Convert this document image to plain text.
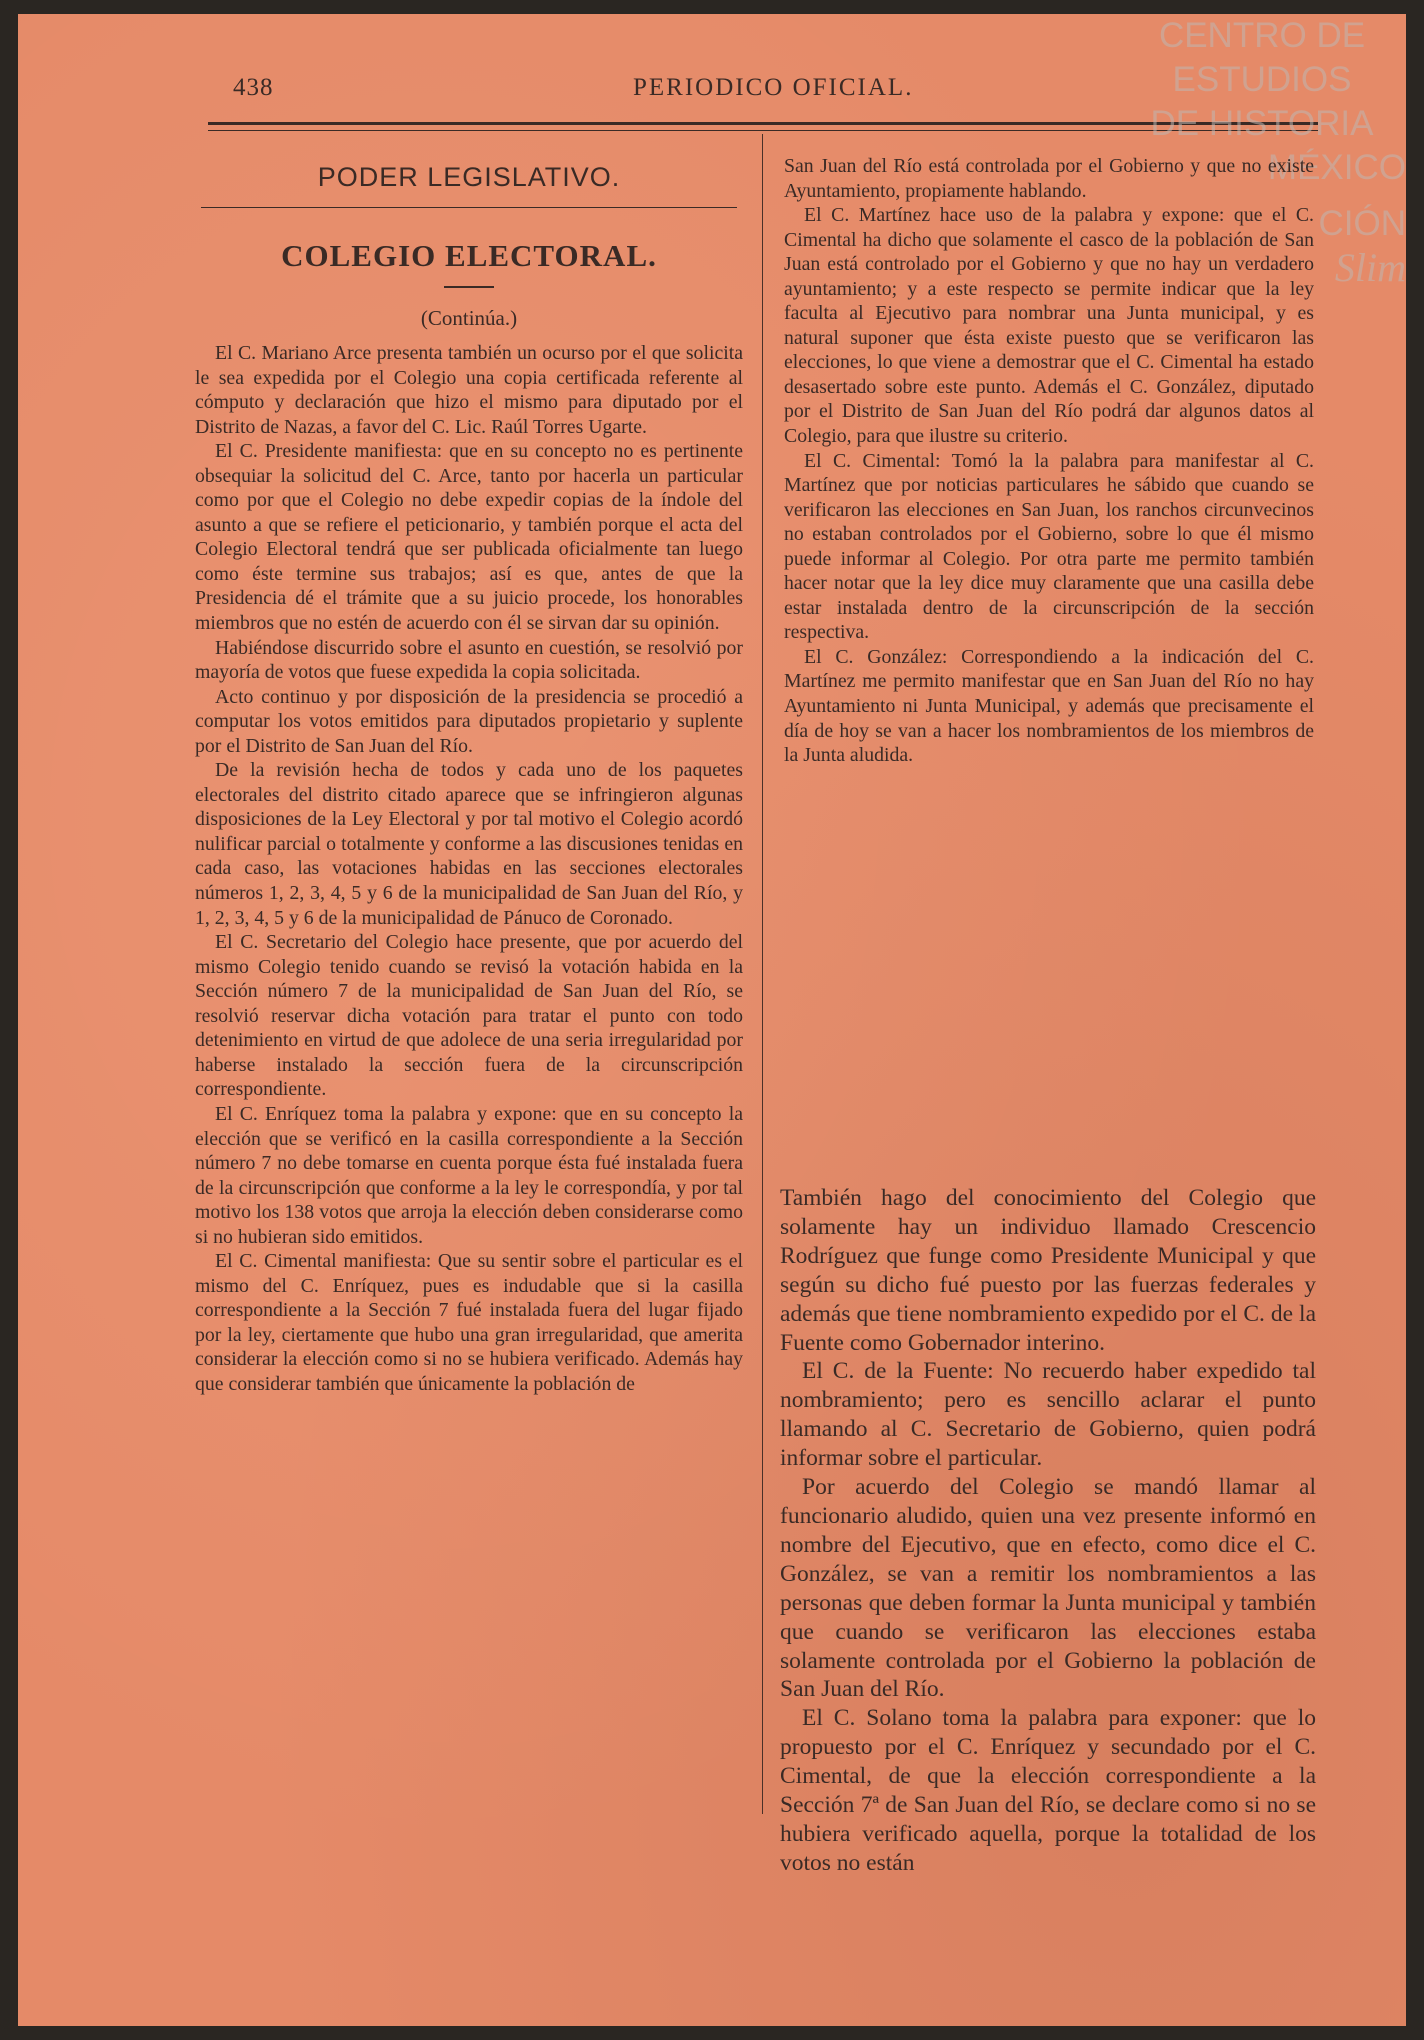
438	PERIODICO OFICIAL.
CENTRO DE
ESTUDIOS
DE HISTORIA
MÉXICO
CIÓN
Slim
PODER LEGISLATIVO.
COLEGIO ELECTORAL.
(Continúa.)

El C. Mariano Arce presenta también un ocurso por el que solicita le sea expedida por el Colegio una copia certificada referente al cómputo y declaración que hizo el mismo para diputado por el Distrito de Nazas, a favor del C. Lic. Raúl Torres Ugarte.

El C. Presidente manifiesta: que en su concepto no es pertinente obsequiar la solicitud del C. Arce, tanto por hacerla un particular como por que el Colegio no debe expedir copias de la índole del asunto a que se refiere el peticionario, y también porque el acta del Colegio Electoral tendrá que ser publicada oficialmente tan luego como éste termine sus trabajos; así es que, antes de que la Presidencia dé el trámite que a su juicio procede, los honorables miembros que no estén de acuerdo con él se sirvan dar su opinión.

Habiéndose discurrido sobre el asunto en cuestión, se resolvió por mayoría de votos que fuese expedida la copia solicitada.

Acto continuo y por disposición de la presidencia se procedió a computar los votos emitidos para diputados propietario y suplente por el Distrito de San Juan del Río.

De la revisión hecha de todos y cada uno de los paquetes electorales del distrito citado aparece que se infringieron algunas disposiciones de la Ley Electoral y por tal motivo el Colegio acordó nulificar parcial o totalmente y conforme a las discusiones tenidas en cada caso, las votaciones habidas en las secciones electorales números 1, 2, 3, 4, 5 y 6 de la municipalidad de San Juan del Río, y 1, 2, 3, 4, 5 y 6 de la municipalidad de Pánuco de Coronado.

El C. Secretario del Colegio hace presente, que por acuerdo del mismo Colegio tenido cuando se revisó la votación habida en la Sección número 7 de la municipalidad de San Juan del Río, se resolvió reservar dicha votación para tratar el punto con todo detenimiento en virtud de que adolece de una seria irregularidad por haberse instalado la sección fuera de la circunscripción correspondiente.

El C. Enríquez toma la palabra y expone: que en su concepto la elección que se verificó en la casilla correspondiente a la Sección número 7 no debe tomarse en cuenta porque ésta fué instalada fuera de la circunscripción que conforme a la ley le correspondía, y por tal motivo los 138 votos que arroja la elección deben considerarse como si no hubieran sido emitidos.

El C. Cimental manifiesta: Que su sentir sobre el particular es el mismo del C. Enríquez, pues es indudable que si la casilla correspondiente a la Sección 7 fué instalada fuera del lugar fijado por la ley, ciertamente que hubo una gran irregularidad, que amerita considerar la elección como si no se hubiera verificado. Además hay que considerar también que únicamente la población de

San Juan del Río está controlada por el Gobierno y que no existe Ayuntamiento, propiamente hablando.

El C. Martínez hace uso de la palabra y expone: que el C. Cimental ha dicho que solamente el casco de la población de San Juan está controlado por el Gobierno y que no hay un verdadero ayuntamiento; y a este respecto se permite indicar que la ley faculta al Ejecutivo para nombrar una Junta municipal, y es natural suponer que ésta existe puesto que se verificaron las elecciones, lo que viene a demostrar que el C. Cimental ha estado desasertado sobre este punto. Además el C. González, diputado por el Distrito de San Juan del Río podrá dar algunos datos al Colegio, para que ilustre su criterio.

El C. Cimental: Tomó la la palabra para manifestar al C. Martínez que por noticias particulares he sábido que cuando se verificaron las elecciones en San Juan, los ranchos circunvecinos no estaban controlados por el Gobierno, sobre lo que él mismo puede informar al Colegio. Por otra parte me permito también hacer notar que la ley dice muy claramente que una casilla debe estar instalada dentro de la circunscripción de la sección respectiva.

El C. González: Correspondiendo a la indicación del C. Martínez me permito manifestar que en San Juan del Río no hay Ayuntamiento ni Junta Municipal, y además que precisamente el día de hoy se van a hacer los nombramientos de los miembros de la Junta aludida.

También hago del conocimiento del Colegio que solamente hay un individuo llamado Crescencio Rodríguez que funge como Presidente Municipal y que según su dicho fué puesto por las fuerzas federales y además que tiene nombramiento expedido por el C. de la Fuente como Gobernador interino.

El C. de la Fuente: No recuerdo haber expedido tal nombramiento; pero es sencillo aclarar el punto llamando al C. Secretario de Gobierno, quien podrá informar sobre el particular.

Por acuerdo del Colegio se mandó llamar al funcionario aludido, quien una vez presente informó en nombre del Ejecutivo, que en efecto, como dice el C. González, se van a remitir los nombramientos a las personas que deben formar la Junta municipal y también que cuando se verificaron las elecciones estaba solamente controlada por el Gobierno la población de San Juan del Río.

El C. Solano toma la palabra para exponer: que lo propuesto por el C. Enríquez y secundado por el C. Cimental, de que la elección correspondiente a la Sección 7ª de San Juan del Río, se declare como si no se hubiera verificado aquella, porque la totalidad de los votos no están
